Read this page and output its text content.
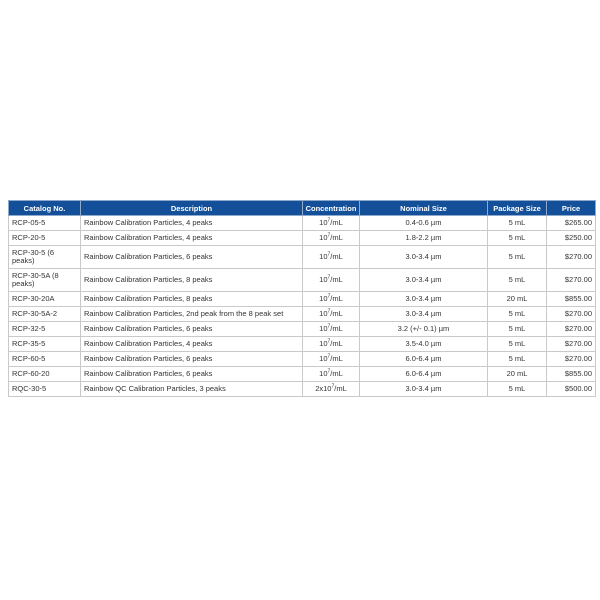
Catalog No.	Description	Concentration	Nominal Size	Package Size	Price
RCP-05-5	Rainbow Calibration Particles, 4 peaks	$10^7/mL$	0.4-0.6 µm	5 mL	$265.00
RCP-20-5	Rainbow Calibration Particles, 4 peaks	$10^7/mL$	1.8-2.2 µm	5 mL	$250.00
RCP-30-5 (6 peaks)	Rainbow Calibration Particles, 6 peaks	$10^7/mL$	3.0-3.4 µm	5 mL	$270.00
RCP-30-5A (8 peaks)	Rainbow Calibration Particles, 8 peaks	$10^7/mL$	3.0-3.4 µm	5 mL	$270.00
RCP-30-20A	Rainbow Calibration Particles, 8 peaks	$10^7/mL$	3.0-3.4 µm	20 mL	$855.00
RCP-30-5A-2	Rainbow Calibration Particles, 2nd peak from the 8 peak set	$10^7/mL$	3.0-3.4 µm	5 mL	$270.00
RCP-32-5	Rainbow Calibration Particles, 6 peaks	$10^7/mL$	3.2 (+/- 0.1) µm	5 mL	$270.00
RCP-35-5	Rainbow Calibration Particles, 4 peaks	$10^7/mL$	3.5-4.0 µm	5 mL	$270.00
RCP-60-5	Rainbow Calibration Particles, 6 peaks	$10^7/mL$	6.0-6.4 µm	5 mL	$270.00
RCP-60-20	Rainbow Calibration Particles, 6 peaks	$10^7/mL$	6.0-6.4 µm	20 mL	$855.00
RQC-30-5	Rainbow QC Calibration Particles, 3 peaks	$2x10^7/mL$	3.0-3.4 µm	5 mL	$500.00
